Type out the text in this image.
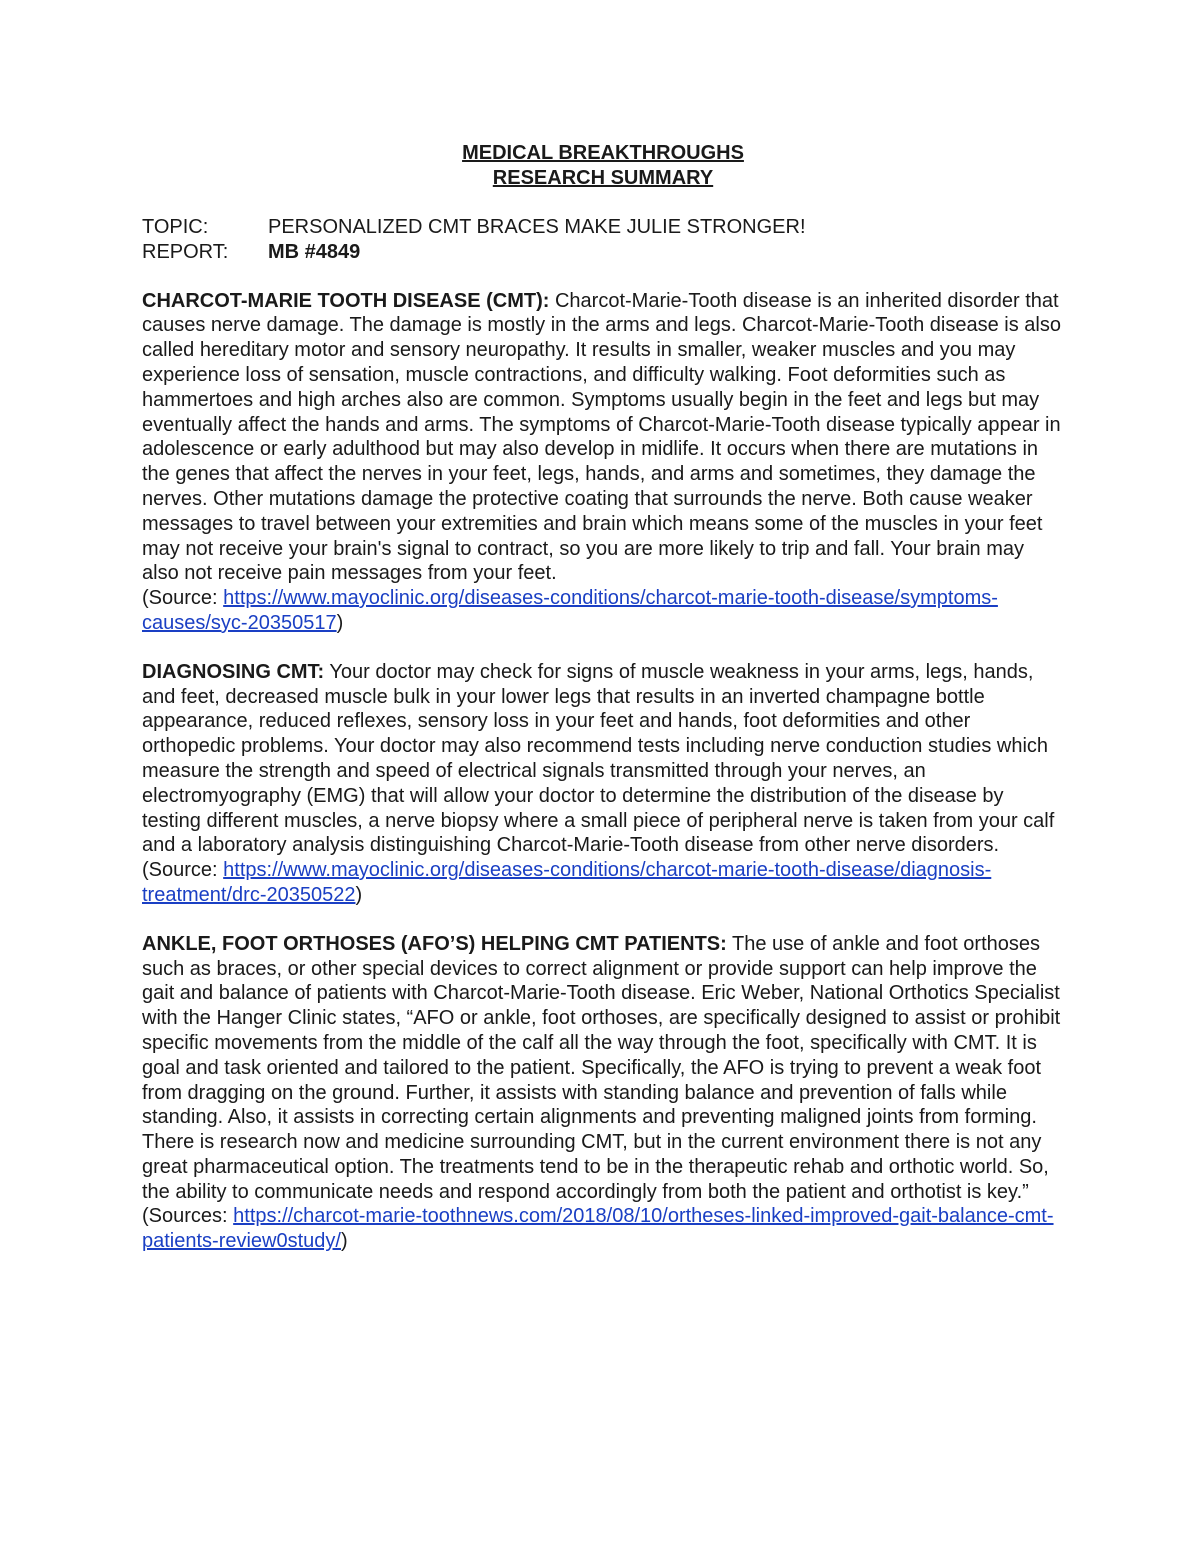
MEDICAL BREAKTHROUGHS
RESEARCH SUMMARY
TOPIC:	PERSONALIZED CMT BRACES MAKE JULIE STRONGER!
REPORT:	MB #4849
CHARCOT-MARIE TOOTH DISEASE (CMT): Charcot-Marie-Tooth disease is an inherited disorder that causes nerve damage. The damage is mostly in the arms and legs. Charcot-Marie-Tooth disease is also called hereditary motor and sensory neuropathy. It results in smaller, weaker muscles and you may experience loss of sensation, muscle contractions, and difficulty walking. Foot deformities such as hammertoes and high arches also are common. Symptoms usually begin in the feet and legs but may eventually affect the hands and arms. The symptoms of Charcot-Marie-Tooth disease typically appear in adolescence or early adulthood but may also develop in midlife. It occurs when there are mutations in the genes that affect the nerves in your feet, legs, hands, and arms and sometimes, they damage the nerves. Other mutations damage the protective coating that surrounds the nerve. Both cause weaker messages to travel between your extremities and brain which means some of the muscles in your feet may not receive your brain's signal to contract, so you are more likely to trip and fall. Your brain may also not receive pain messages from your feet.
(Source: https://www.mayoclinic.org/diseases-conditions/charcot-marie-tooth-disease/symptoms-causes/syc-20350517)
DIAGNOSING CMT: Your doctor may check for signs of muscle weakness in your arms, legs, hands, and feet, decreased muscle bulk in your lower legs that results in an inverted champagne bottle appearance, reduced reflexes, sensory loss in your feet and hands, foot deformities and other orthopedic problems. Your doctor may also recommend tests including nerve conduction studies which measure the strength and speed of electrical signals transmitted through your nerves, an electromyography (EMG) that will allow your doctor to determine the distribution of the disease by testing different muscles, a nerve biopsy where a small piece of peripheral nerve is taken from your calf and a laboratory analysis distinguishing Charcot-Marie-Tooth disease from other nerve disorders.
(Source: https://www.mayoclinic.org/diseases-conditions/charcot-marie-tooth-disease/diagnosis-treatment/drc-20350522)
ANKLE, FOOT ORTHOSES (AFO’S) HELPING CMT PATIENTS: The use of ankle and foot orthoses such as braces, or other special devices to correct alignment or provide support can help improve the gait and balance of patients with Charcot-Marie-Tooth disease. Eric Weber, National Orthotics Specialist with the Hanger Clinic states, “AFO or ankle, foot orthoses, are specifically designed to assist or prohibit specific movements from the middle of the calf all the way through the foot, specifically with CMT. It is goal and task oriented and tailored to the patient. Specifically, the AFO is trying to prevent a weak foot from dragging on the ground. Further, it assists with standing balance and prevention of falls while standing. Also, it assists in correcting certain alignments and preventing maligned joints from forming. There is research now and medicine surrounding CMT, but in the current environment there is not any great pharmaceutical option. The treatments tend to be in the therapeutic rehab and orthotic world. So, the ability to communicate needs and respond accordingly from both the patient and orthotist is key.”
(Sources: https://charcot-marie-toothnews.com/2018/08/10/ortheses-linked-improved-gait-balance-cmt-patients-review0study/)
